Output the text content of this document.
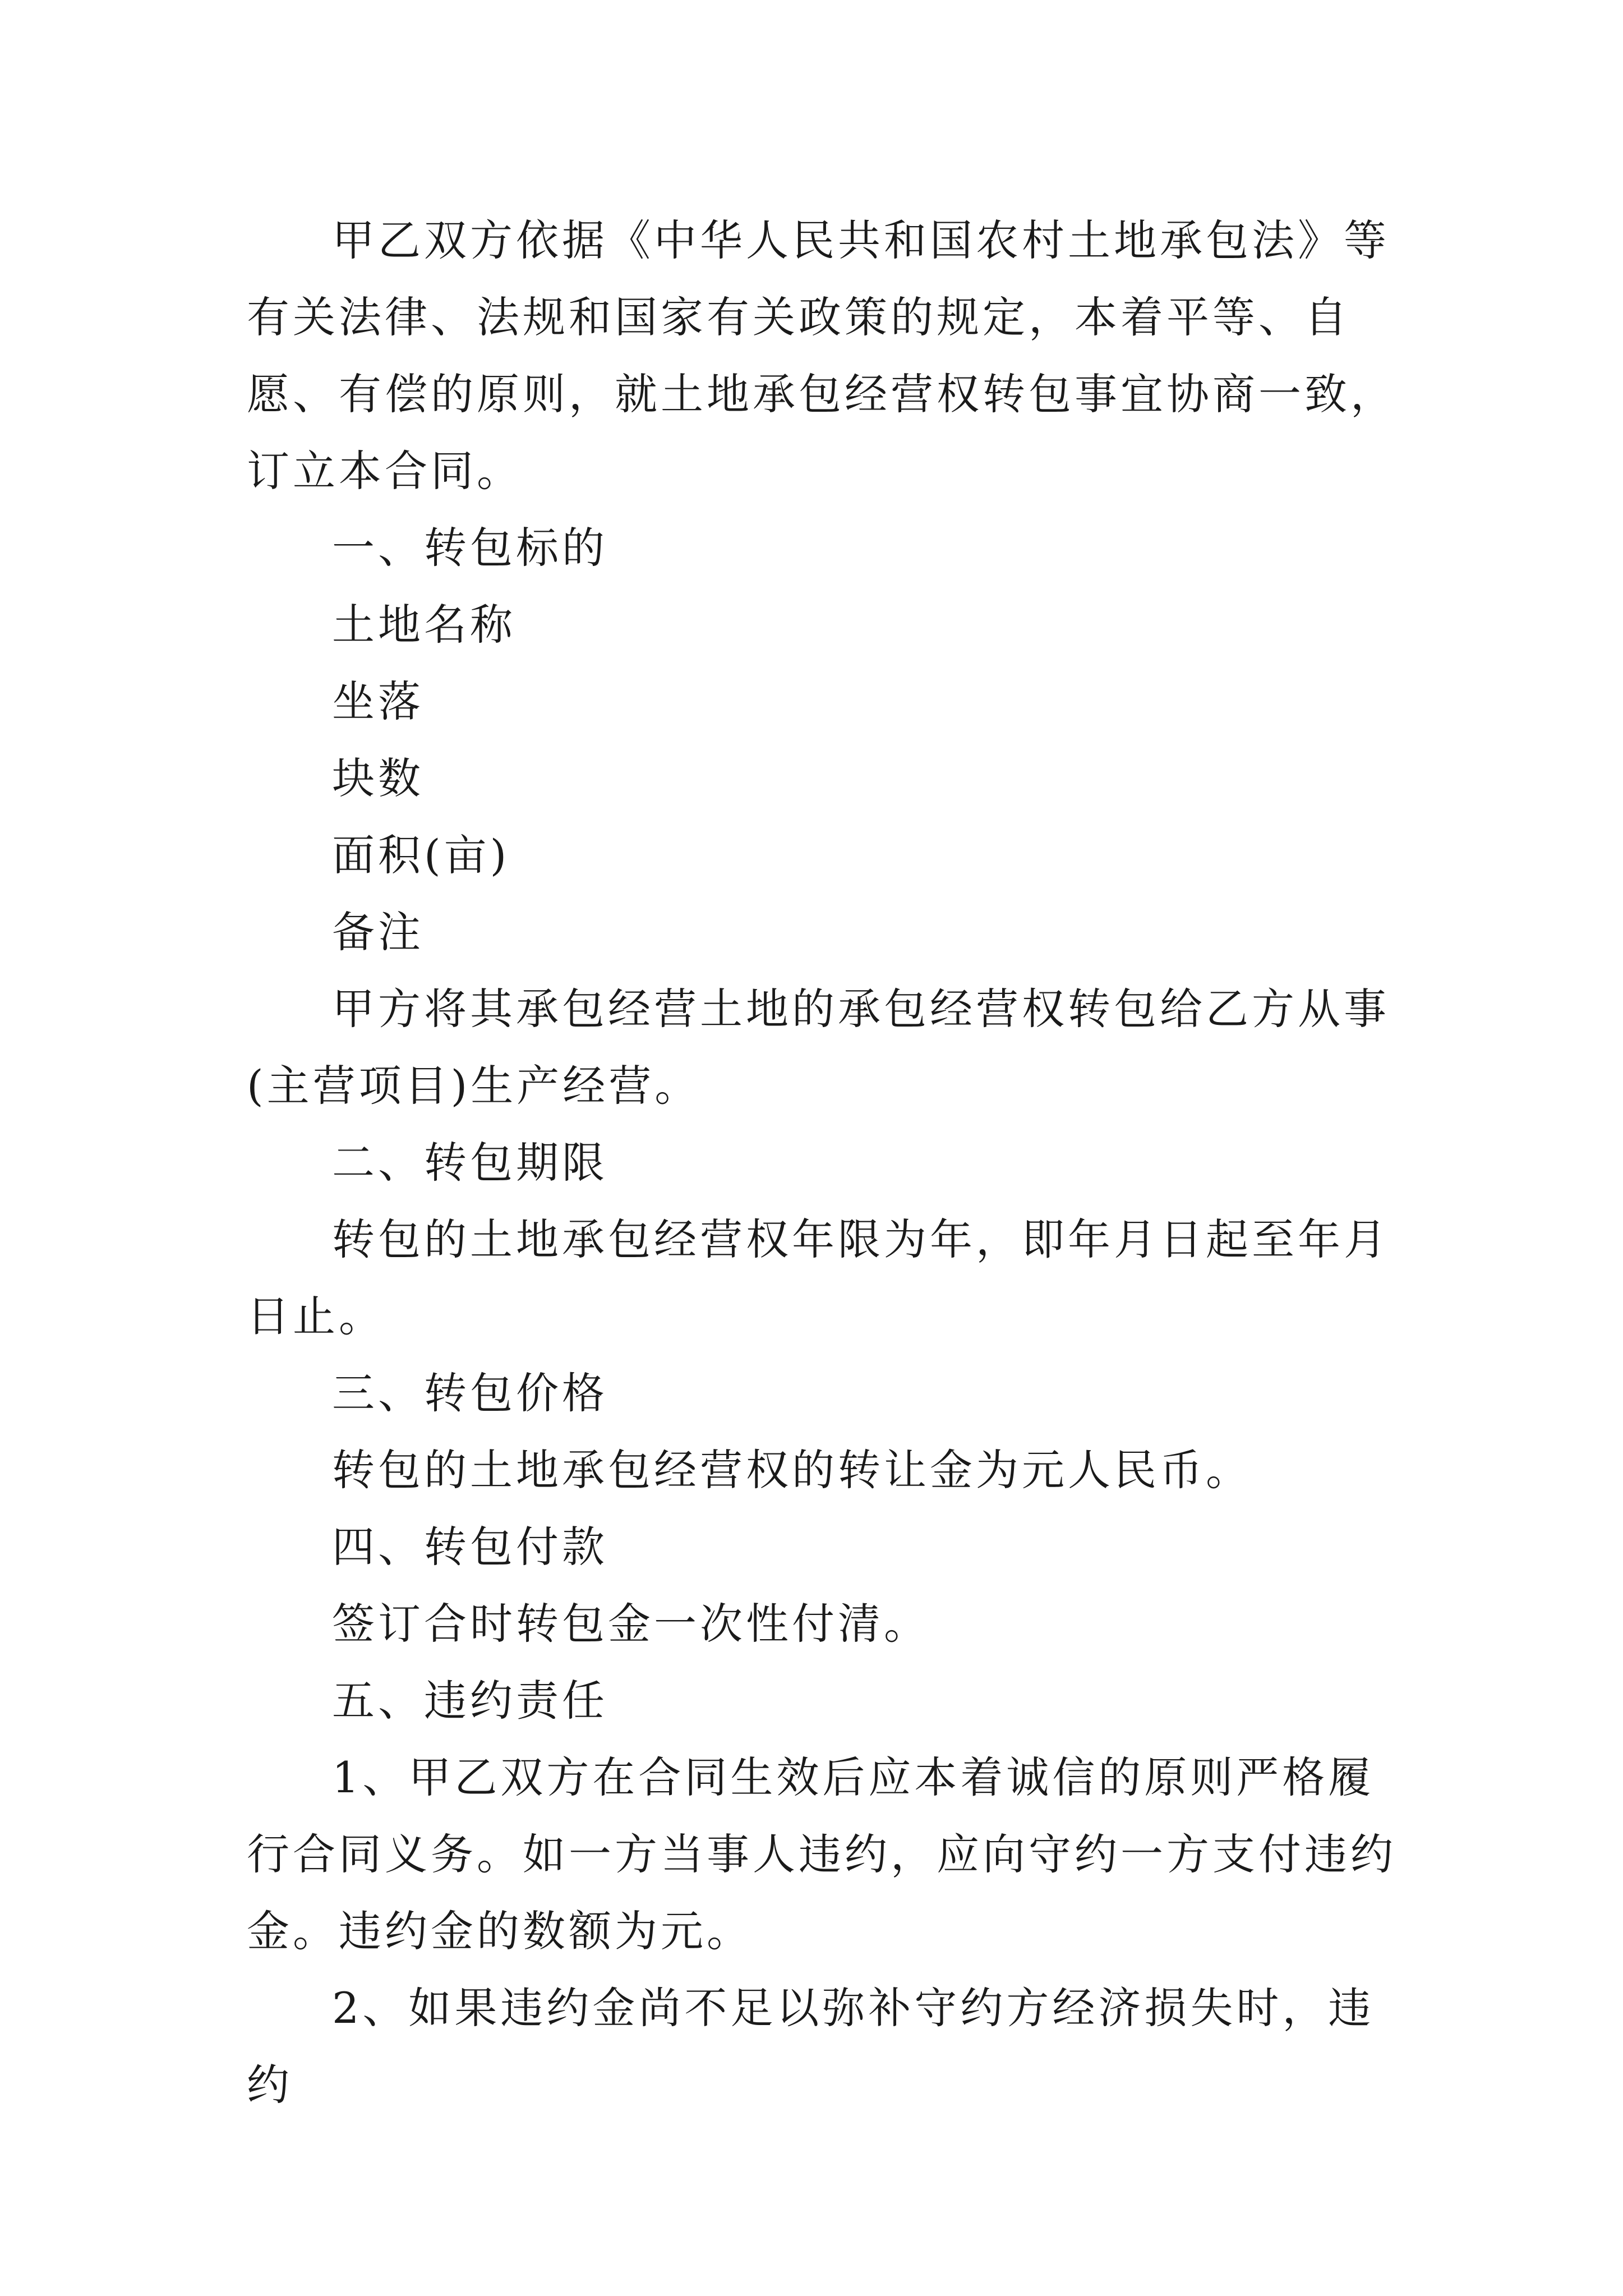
甲乙双方依据《中华人民共和国农村土地承包法》等有关法律、法规和国家有关政策的规定，本着平等、自愿、有偿的原则，就土地承包经营权转包事宜协商一致，订立本合同。

一、转包标的

土地名称

坐落

块数

面积(亩)

备注

甲方将其承包经营土地的承包经营权转包给乙方从事(主营项目)生产经营。

二、转包期限

转包的土地承包经营权年限为年，即年月日起至年月日止。

三、转包价格

转包的土地承包经营权的转让金为元人民币。

四、转包付款

签订合时转包金一次性付清。

五、违约责任

1、甲乙双方在合同生效后应本着诚信的原则严格履行合同义务。如一方当事人违约，应向守约一方支付违约金。违约金的数额为元。

2、如果违约金尚不足以弥补守约方经济损失时，违约
